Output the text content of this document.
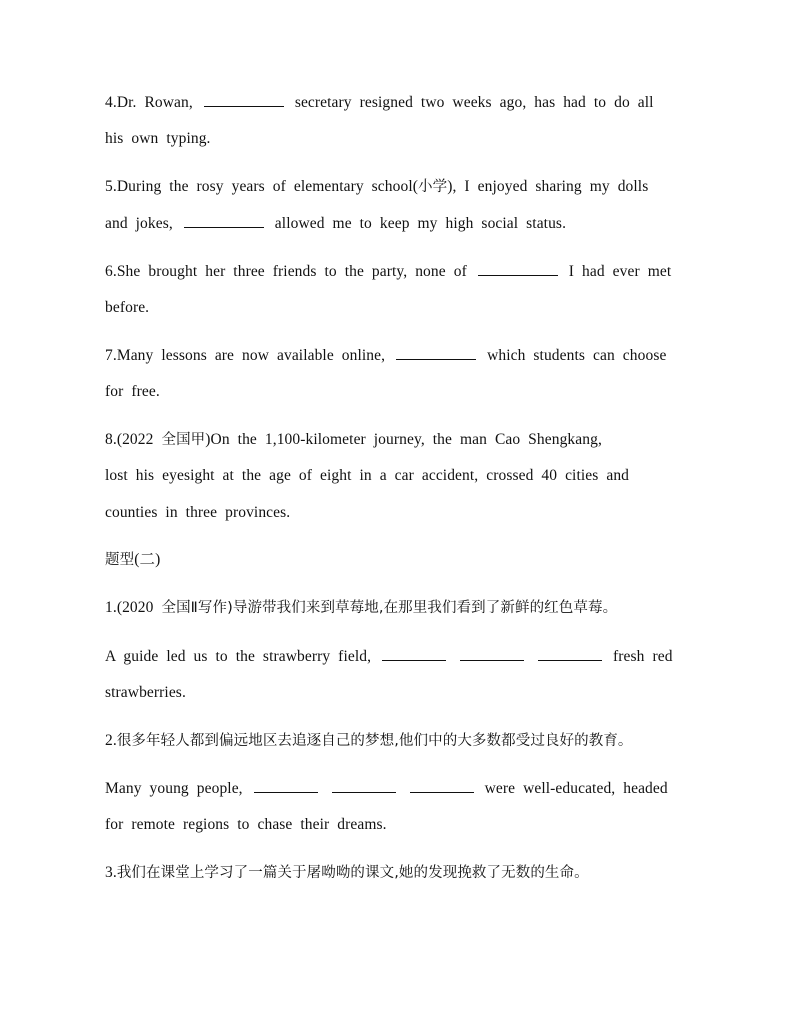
4.Dr. Rowan,	secretary resigned two weeks ago, has had to do all
his own typing.
5.During the rosy years of elementary school(小学), I enjoyed sharing my dolls
and jokes,	allowed me to keep my high social status.
6.She brought her three friends to the party, none of	I had ever met
before.
7.Many lessons are now available online,	which students can choose
for free.
8.(2022 全国甲)On the 1,100-kilometer journey, the man Cao Shengkang,
lost his eyesight at the age of eight in a car accident, crossed 40 cities and
counties in three provinces.
题型(二)
1.(2020 全国Ⅱ写作)导游带我们来到草莓地,在那里我们看到了新鲜的红色草莓。
A guide led us to the strawberry field,	fresh red
strawberries.
2.很多年轻人都到偏远地区去追逐自己的梦想,他们中的大多数都受过良好的教育。
Many young people,	were well-educated, headed
for remote regions to chase their dreams.
3.我们在课堂上学习了一篇关于屠呦呦的课文,她的发现挽救了无数的生命。
